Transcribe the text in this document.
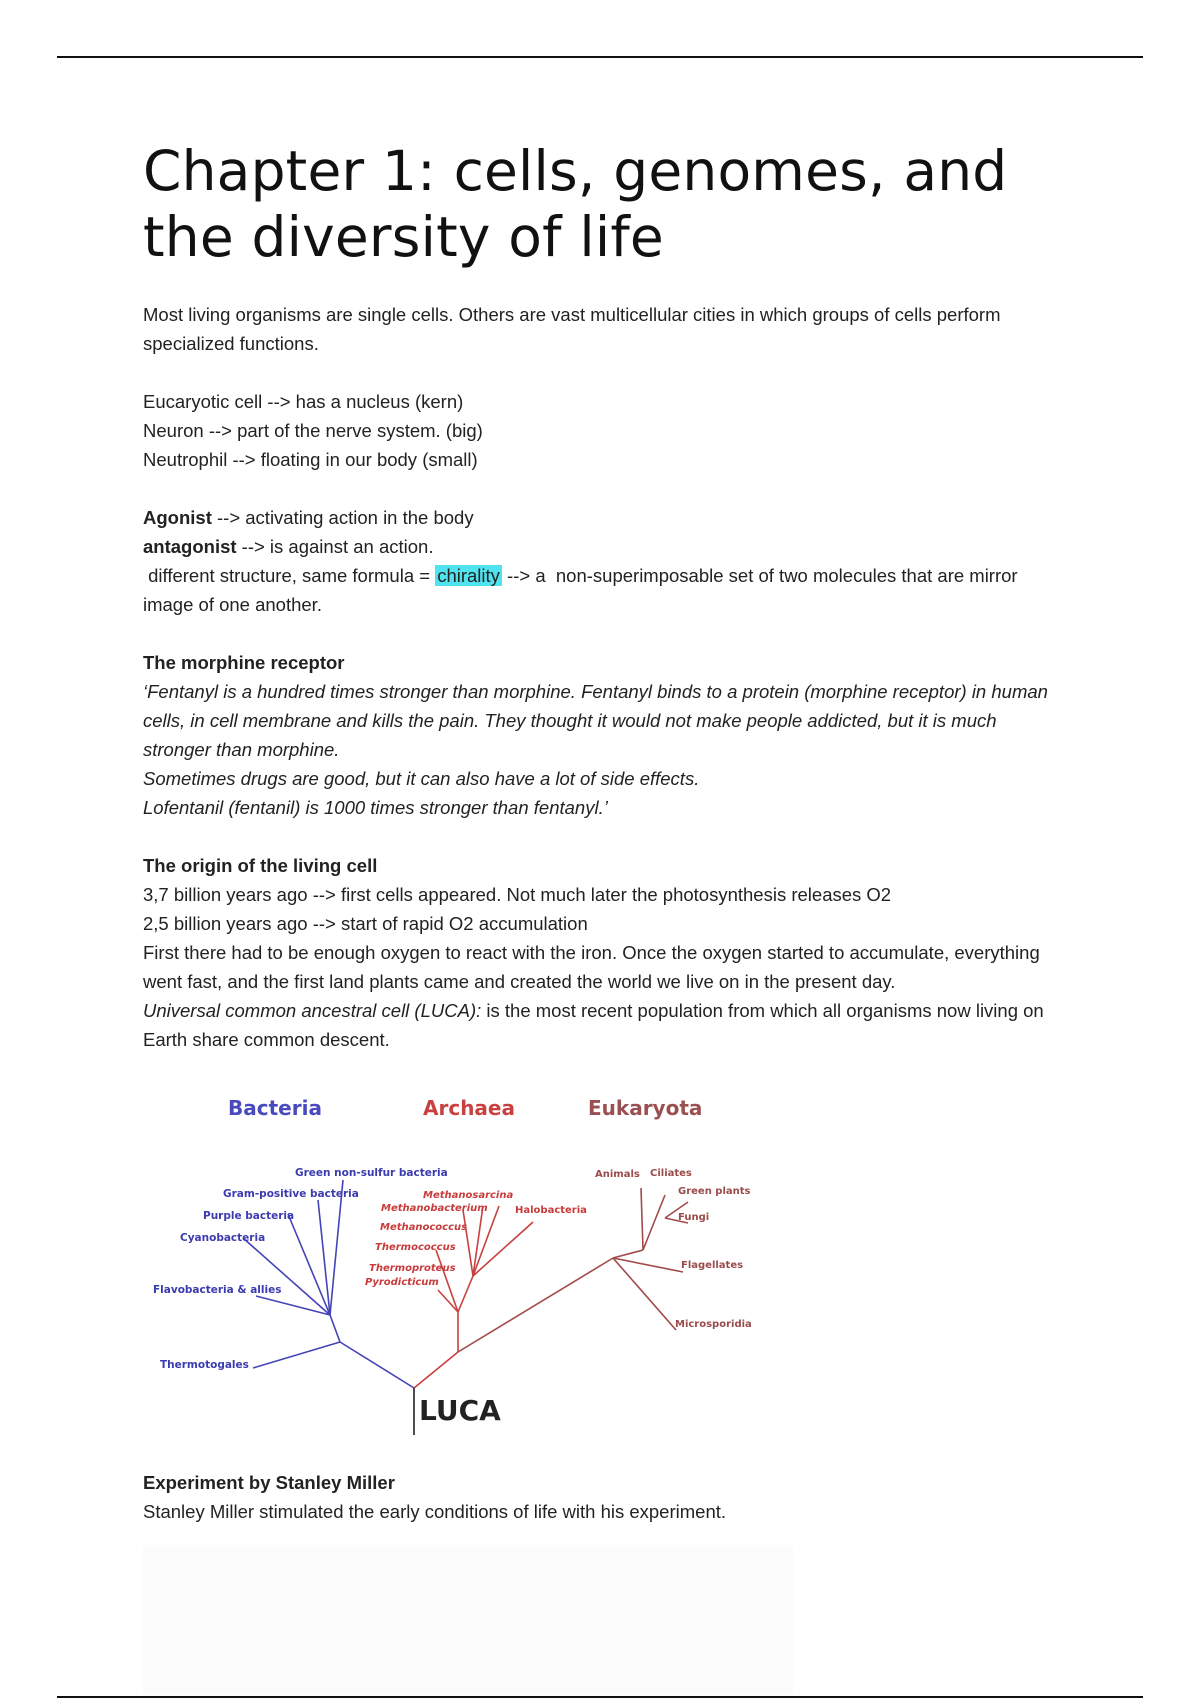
Chapter 1: cells, genomes, and the diversity of life

Most living organisms are single cells. Others are vast multicellular cities in which groups of cells perform specialized functions.

Eucaryotic cell --> has a nucleus (kern)

Neuron --> part of the nerve system. (big)

Neutrophil --> floating in our body (small)

Agonist --> activating action in the body

antagonist --> is against an action.

different structure, same formula = chirality --> a  non-superimposable set of two molecules that are mirror image of one another.

The morphine receptor

‘Fentanyl is a hundred times stronger than morphine. Fentanyl binds to a protein (morphine receptor) in human cells, in cell membrane and kills the pain. They thought it would not make people addicted, but it is much stronger than morphine.

Sometimes drugs are good, but it can also have a lot of side effects.

Lofentanil (fentanil) is 1000 times stronger than fentanyl.’

The origin of the living cell

3,7 billion years ago --> first cells appeared. Not much later the photosynthesis releases O2

2,5 billion years ago --> start of rapid O2 accumulation

First there had to be enough oxygen to react with the iron. Once the oxygen started to accumulate, everything went fast, and the first land plants came and created the world we live on in the present day.

Universal common ancestral cell (LUCA): is the most recent population from which all organisms now living on Earth share common descent.

Bacteria	Archaea	Eukaryota
LUCA
Green non-sulfur bacteria
Gram-positive bacteria
Purple bacteria
Cyanobacteria
Flavobacteria & allies
Thermotogales
Methanosarcina
Methanobacterium	Halobacteria
Methanococcus
Thermococcus
Thermoproteus
Pyrodicticum
Animals Ciliates
Green plants
Fungi
Flagellates
Microsporidia

Experiment by Stanley Miller

Stanley Miller stimulated the early conditions of life with his experiment.
